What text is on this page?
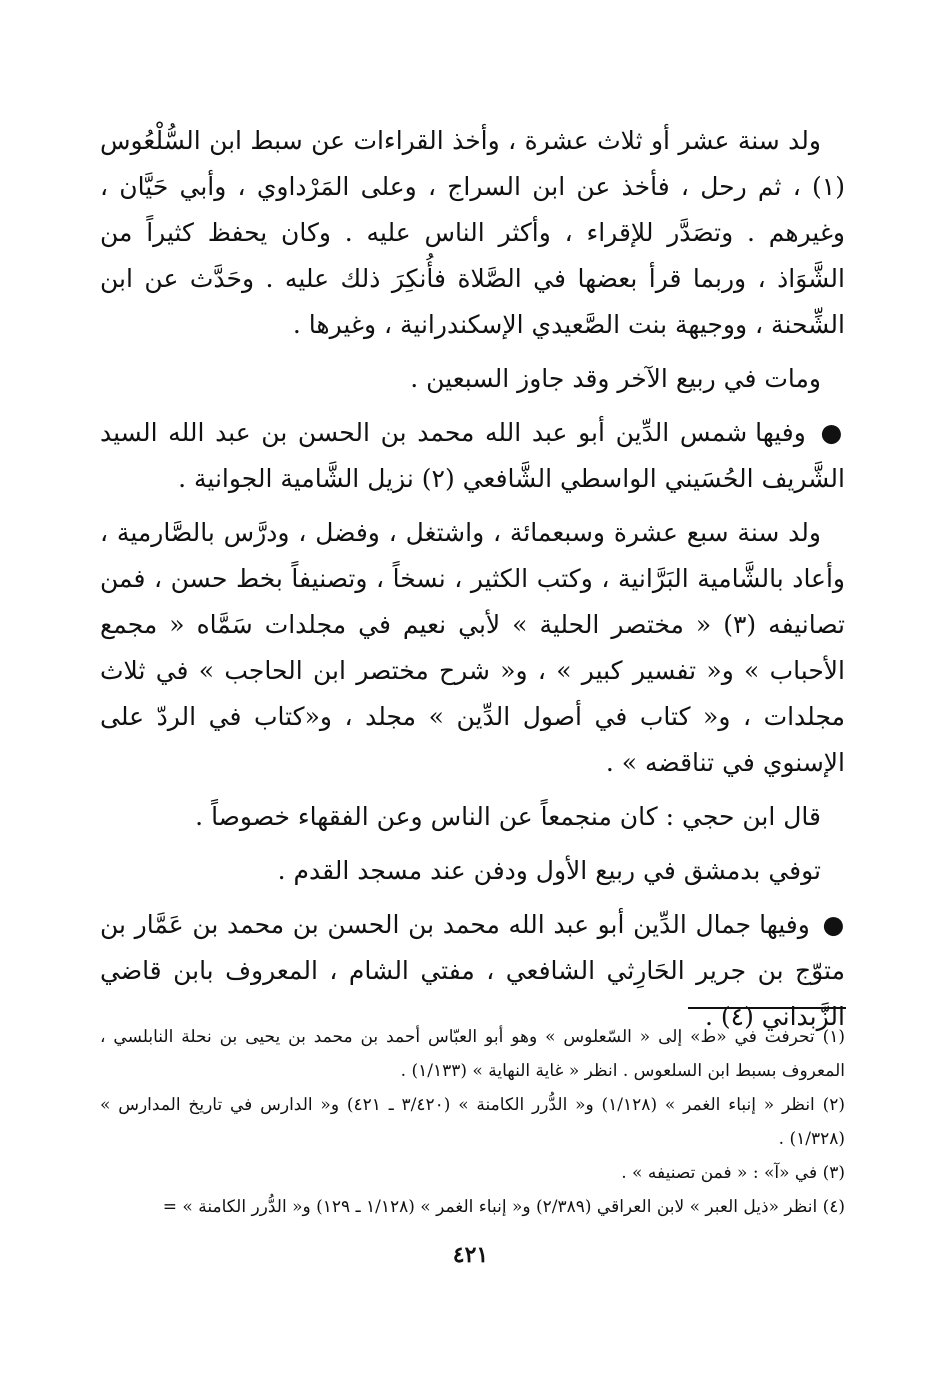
ولد سنة عشر أو ثلاث عشرة ، وأخذ القراءات عن سبط ابن السُّلْعُوس (١) ، ثم رحل ، فأخذ عن ابن السراج ، وعلى المَرْداوي ، وأبي حَيَّان ، وغيرهم . وتصَدَّر للإقراء ، وأكثر الناس عليه . وكان يحفظ كثيراً من الشَّوَاذ ، وربما قرأ بعضها في الصَّلاة فأُنكِرَ ذلك عليه . وحَدَّث عن ابن الشِّحنة ، ووجيهة بنت الصَّعيدي الإسكندرانية ، وغيرها .

ومات في ربيع الآخر وقد جاوز السبعين .

● وفيها شمس الدِّين أبو عبد الله محمد بن الحسن بن عبد الله السيد الشَّريف الحُسَيني الواسطي الشَّافعي (٢) نزيل الشَّامية الجوانية .

ولد سنة سبع عشرة وسبعمائة ، واشتغل ، وفضل ، ودرَّس بالصَّارمية ، وأعاد بالشَّامية البَرَّانية ، وكتب الكثير ، نسخاً ، وتصنيفاً بخط حسن ، فمن تصانيفه (٣) « مختصر الحلية » لأبي نعيم في مجلدات سَمَّاه « مجمع الأحباب » و« تفسير كبير » ، و« شرح مختصر ابن الحاجب » في ثلاث مجلدات ، و« كتاب في أصول الدِّين » مجلد ، و«كتاب في الردّ على الإسنوي في تناقضه » .

قال ابن حجي : كان منجمعاً عن الناس وعن الفقهاء خصوصاً .

توفي بدمشق في ربيع الأول ودفن عند مسجد القدم .

● وفيها جمال الدِّين أبو عبد الله محمد بن الحسن بن محمد بن عَمَّار بن متوّج بن جرير الحَارِثي الشافعي ، مفتي الشام ، المعروف بابن قاضي الزَّبداني (٤) .

(١) تحرفت في «ط» إلى « السّعلوس » وهو أبو العبّاس أحمد بن محمد بن يحيى بن نحلة النابلسي ، المعروف بسبط ابن السلعوس . انظر « غاية النهاية » (١/١٣٣) .

(٢) انظر « إنباء الغمر » (١/١٢٨) و« الدُّرر الكامنة » (٣/٤٢٠ ـ ٤٢١) و« الدارس في تاريخ المدارس » (١/٣٢٨) .

(٣) في «آ» : « فمن تصنيفه » .

(٤) انظر «ذيل العبر » لابن العراقي (٢/٣٨٩) و« إنباء الغمر » (١/١٢٨ ـ ١٢٩) و« الدُّرر الكامنة » =

٤٢١
